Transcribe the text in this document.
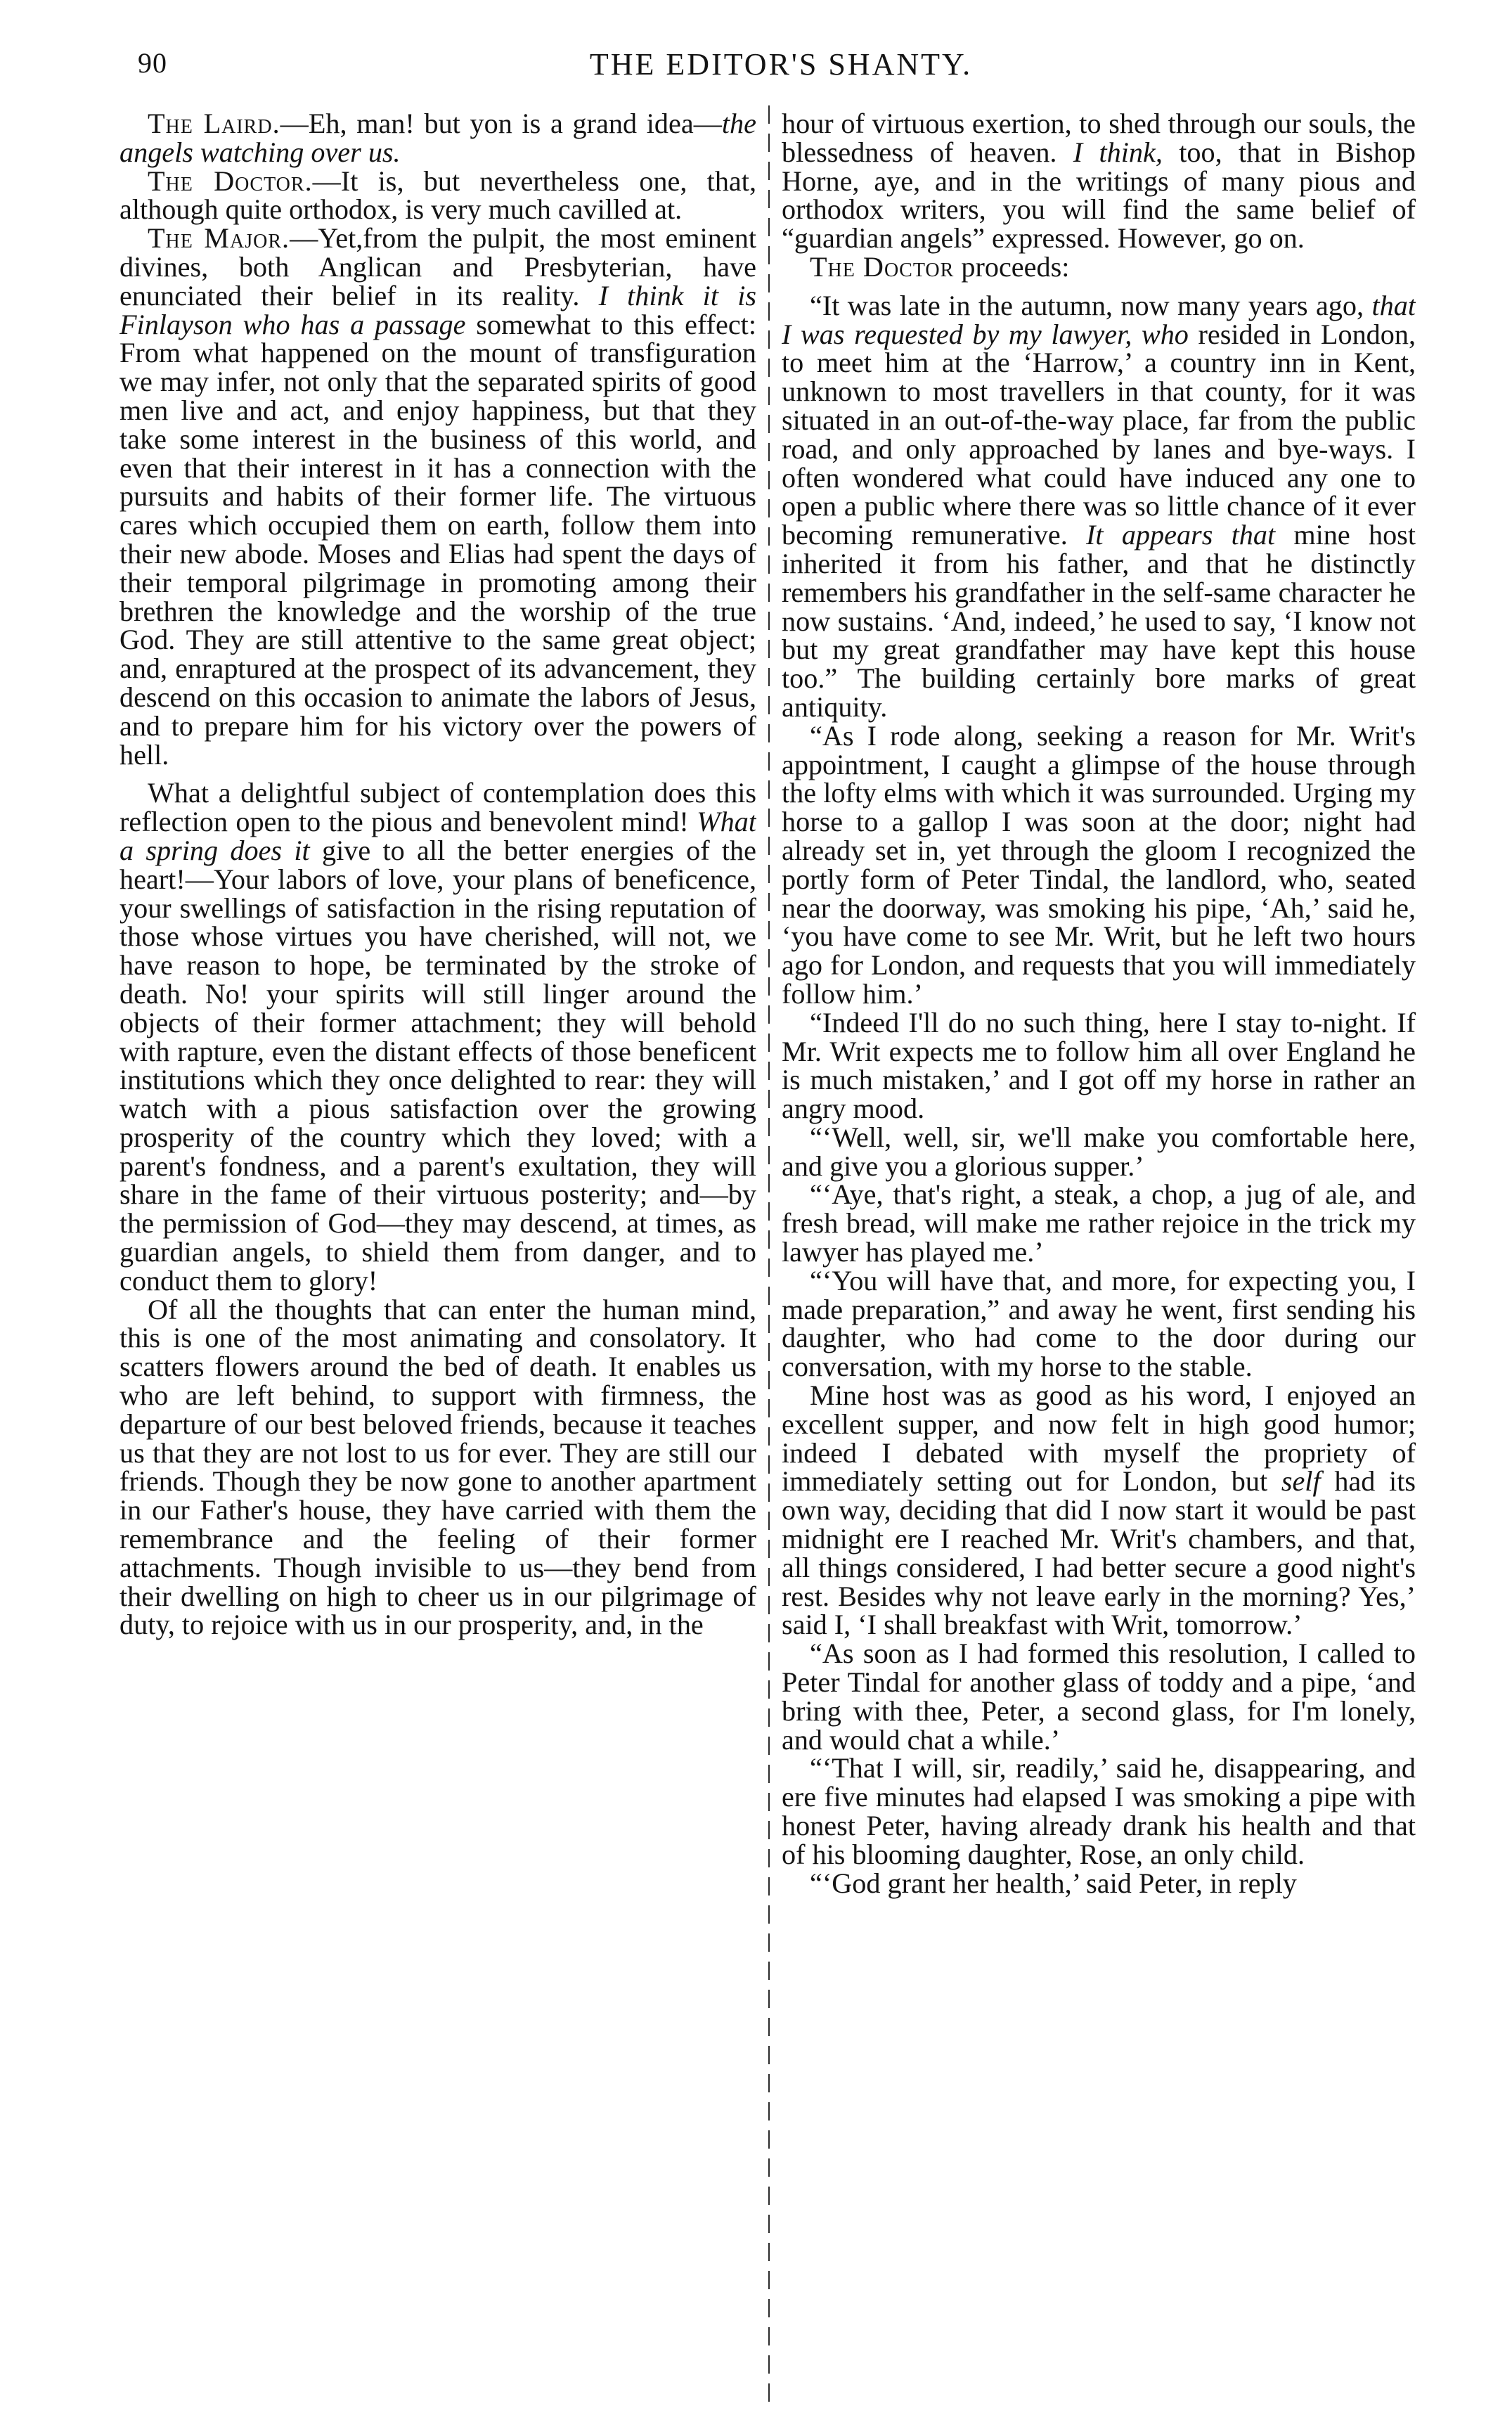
90	THE EDITOR'S SHANTY.

The Laird.—Eh, man! but yon is a grand idea—the angels watching over us.

The Doctor.—It is, but nevertheless one, that, although quite orthodox, is very much cavilled at.

The Major.—Yet,from the pulpit, the most eminent divines, both Anglican and Presbyterian, have enunciated their belief in its reality. I think it is Finlayson who has a passage somewhat to this effect: From what happened on the mount of transfiguration we may infer, not only that the separated spirits of good men live and act, and enjoy happiness, but that they take some interest in the business of this world, and even that their interest in it has a connection with the pursuits and habits of their former life. The virtuous cares which occupied them on earth, follow them into their new abode. Moses and Elias had spent the days of their temporal pilgrimage in promoting among their brethren the knowledge and the worship of the true God. They are still attentive to the same great object; and, enraptured at the prospect of its advancement, they descend on this occasion to animate the labors of Jesus, and to prepare him for his victory over the powers of hell.

What a delightful subject of contemplation does this reflection open to the pious and benevolent mind! What a spring does it give to all the better energies of the heart!—Your labors of love, your plans of beneficence, your swellings of satisfaction in the rising reputation of those whose virtues you have cherished, will not, we have reason to hope, be terminated by the stroke of death. No! your spirits will still linger around the objects of their former attachment; they will behold with rapture, even the distant effects of those beneficent institutions which they once delighted to rear: they will watch with a pious satisfaction over the growing prosperity of the country which they loved; with a parent's fondness, and a parent's exultation, they will share in the fame of their virtuous posterity; and—by the permission of God—they may descend, at times, as guardian angels, to shield them from danger, and to conduct them to glory!

Of all the thoughts that can enter the human mind, this is one of the most animating and consolatory. It scatters flowers around the bed of death. It enables us who are left behind, to support with firmness, the departure of our best beloved friends, because it teaches us that they are not lost to us for ever. They are still our friends. Though they be now gone to another apartment in our Father's house, they have carried with them the remembrance and the feeling of their former attachments. Though invisible to us—they bend from their dwelling on high to cheer us in our pilgrimage of duty, to rejoice with us in our prosperity, and, in the

hour of virtuous exertion, to shed through our souls, the blessedness of heaven. I think, too, that in Bishop Horne, aye, and in the writings of many pious and orthodox writers, you will find the same belief of “guardian angels” expressed. However, go on.

The Doctor proceeds:

“It was late in the autumn, now many years ago, that I was requested by my lawyer, who resided in London, to meet him at the ‘Harrow,’ a country inn in Kent, unknown to most travellers in that county, for it was situated in an out-of-the-way place, far from the public road, and only approached by lanes and bye-ways. I often wondered what could have induced any one to open a public where there was so little chance of it ever becoming remunerative. It appears that mine host inherited it from his father, and that he distinctly remembers his grandfather in the self-same character he now sustains. ‘And, indeed,’ he used to say, ‘I know not but my great grandfather may have kept this house too.” The building certainly bore marks of great antiquity.

“As I rode along, seeking a reason for Mr. Writ's appointment, I caught a glimpse of the house through the lofty elms with which it was surrounded. Urging my horse to a gallop I was soon at the door; night had already set in, yet through the gloom I recognized the portly form of Peter Tindal, the landlord, who, seated near the doorway, was smoking his pipe, ‘Ah,’ said he, ‘you have come to see Mr. Writ, but he left two hours ago for London, and requests that you will immediately follow him.’

“Indeed I'll do no such thing, here I stay to-night. If Mr. Writ expects me to follow him all over England he is much mistaken,’ and I got off my horse in rather an angry mood.

“‘Well, well, sir, we'll make you comfortable here, and give you a glorious supper.’

“‘Aye, that's right, a steak, a chop, a jug of ale, and fresh bread, will make me rather rejoice in the trick my lawyer has played me.’

“‘You will have that, and more, for expecting you, I made preparation,” and away he went, first sending his daughter, who had come to the door during our conversation, with my horse to the stable.

Mine host was as good as his word, I enjoyed an excellent supper, and now felt in high good humor; indeed I debated with myself the propriety of immediately setting out for London, but self had its own way, deciding that did I now start it would be past midnight ere I reached Mr. Writ's chambers, and that, all things considered, I had better secure a good night's rest. Besides why not leave early in the morning? Yes,’ said I, ‘I shall breakfast with Writ, tomorrow.’

“As soon as I had formed this resolution, I called to Peter Tindal for another glass of toddy and a pipe, ‘and bring with thee, Peter, a second glass, for I'm lonely, and would chat a while.’

“‘That I will, sir, readily,’ said he, disappearing, and ere five minutes had elapsed I was smoking a pipe with honest Peter, having already drank his health and that of his blooming daughter, Rose, an only child.

“‘God grant her health,’ said Peter, in reply
